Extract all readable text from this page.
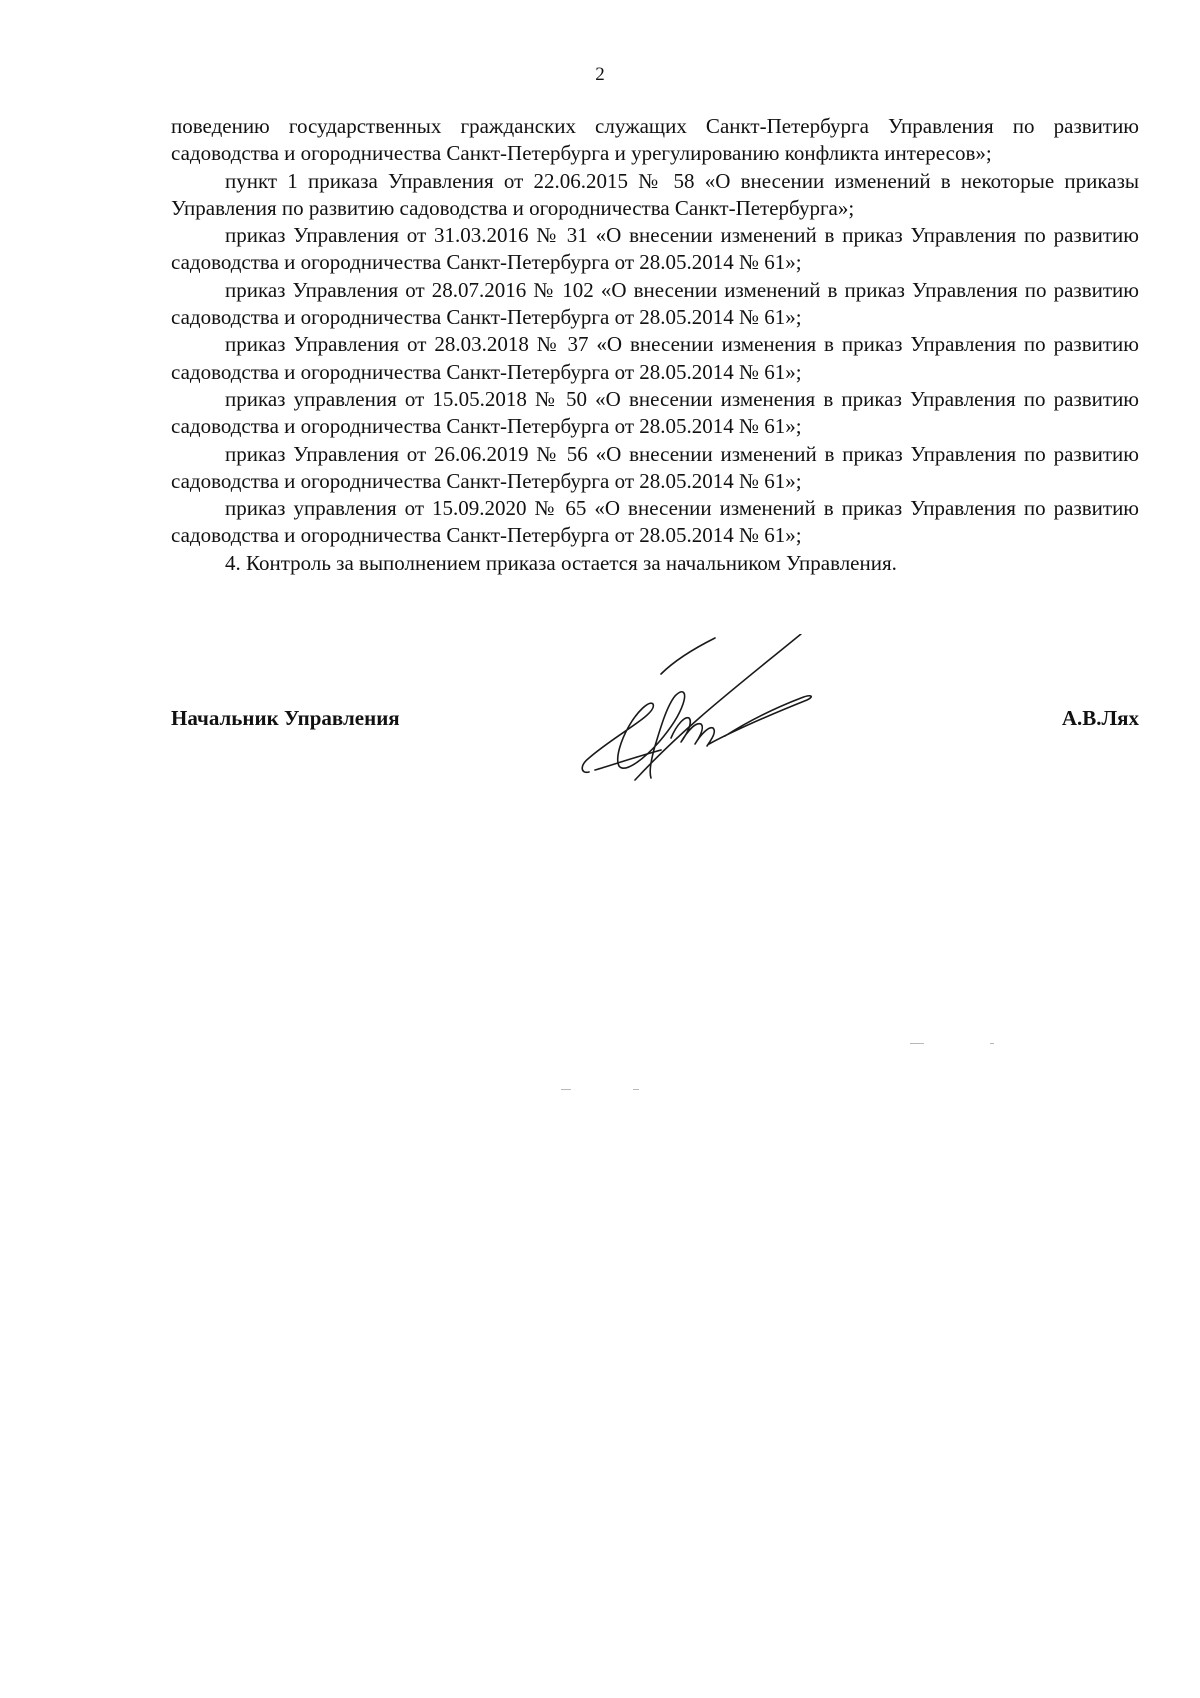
2

поведению государственных гражданских служащих Санкт-Петербурга Управления по развитию садоводства и огородничества Санкт-Петербурга и урегулированию конфликта интересов»;

пункт 1 приказа Управления от 22.06.2015 № 58 «О внесении изменений в некоторые приказы Управления по развитию садоводства и огородничества Санкт-Петербурга»;

приказ Управления от 31.03.2016 № 31 «О внесении изменений в приказ Управления по развитию садоводства и огородничества Санкт-Петербурга от 28.05.2014 № 61»;

приказ Управления от 28.07.2016 № 102 «О внесении изменений в приказ Управления по развитию садоводства и огородничества Санкт-Петербурга от 28.05.2014 № 61»;

приказ Управления от 28.03.2018 № 37 «О внесении изменения в приказ Управления по развитию садоводства и огородничества Санкт-Петербурга от 28.05.2014 № 61»;

приказ управления от 15.05.2018 № 50 «О внесении изменения в приказ Управления по развитию садоводства и огородничества Санкт-Петербурга от 28.05.2014 № 61»;

приказ Управления от 26.06.2019 № 56 «О внесении изменений в приказ Управления по развитию садоводства и огородничества Санкт-Петербурга от 28.05.2014 № 61»;

приказ управления от 15.09.2020 № 65 «О внесении изменений в приказ Управления по развитию садоводства и огородничества Санкт-Петербурга от 28.05.2014 № 61»;

4. Контроль за выполнением приказа остается за начальником Управления.

Начальник Управления	А.В.Лях
